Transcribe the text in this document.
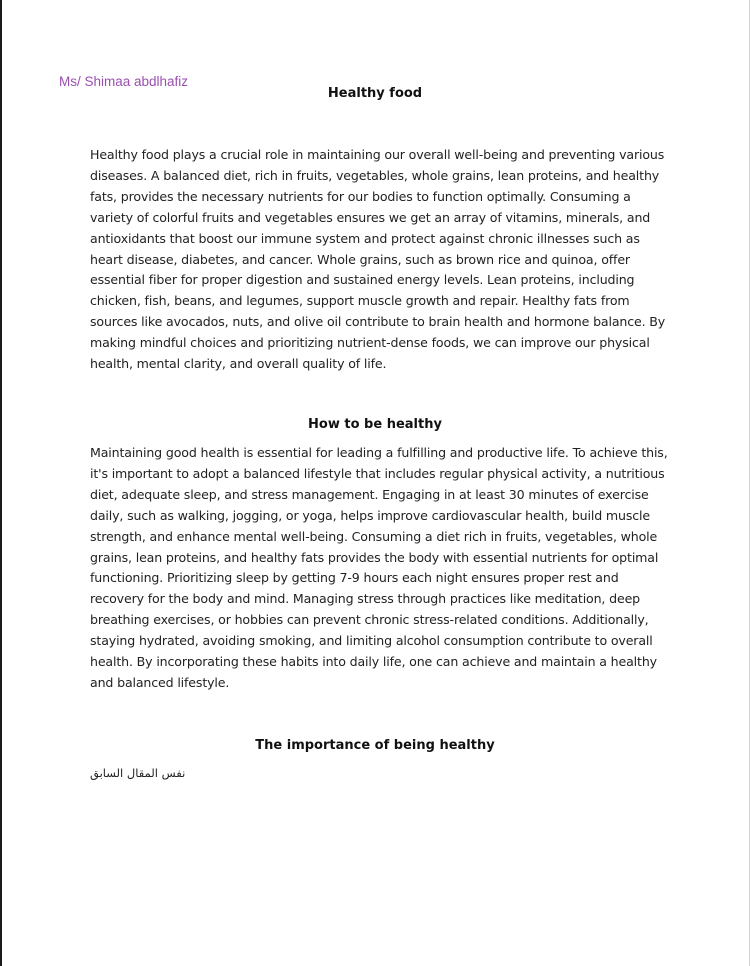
Ms/ Shimaa abdlhafiz
Healthy food
Healthy food plays a crucial role in maintaining our overall well-being and preventing various diseases. A balanced diet, rich in fruits, vegetables, whole grains, lean proteins, and healthy fats, provides the necessary nutrients for our bodies to function optimally. Consuming a variety of colorful fruits and vegetables ensures we get an array of vitamins, minerals, and antioxidants that boost our immune system and protect against chronic illnesses such as heart disease, diabetes, and cancer. Whole grains, such as brown rice and quinoa, offer essential fiber for proper digestion and sustained energy levels. Lean proteins, including chicken, fish, beans, and legumes, support muscle growth and repair. Healthy fats from sources like avocados, nuts, and olive oil contribute to brain health and hormone balance. By making mindful choices and prioritizing nutrient-dense foods, we can improve our physical health, mental clarity, and overall quality of life.
How to be healthy
Maintaining good health is essential for leading a fulfilling and productive life. To achieve this, it's important to adopt a balanced lifestyle that includes regular physical activity, a nutritious diet, adequate sleep, and stress management. Engaging in at least 30 minutes of exercise daily, such as walking, jogging, or yoga, helps improve cardiovascular health, build muscle strength, and enhance mental well-being. Consuming a diet rich in fruits, vegetables, whole grains, lean proteins, and healthy fats provides the body with essential nutrients for optimal functioning. Prioritizing sleep by getting 7-9 hours each night ensures proper rest and recovery for the body and mind. Managing stress through practices like meditation, deep breathing exercises, or hobbies can prevent chronic stress-related conditions. Additionally, staying hydrated, avoiding smoking, and limiting alcohol consumption contribute to overall health. By incorporating these habits into daily life, one can achieve and maintain a healthy and balanced lifestyle.
The importance of being healthy
نفس المقال السابق
